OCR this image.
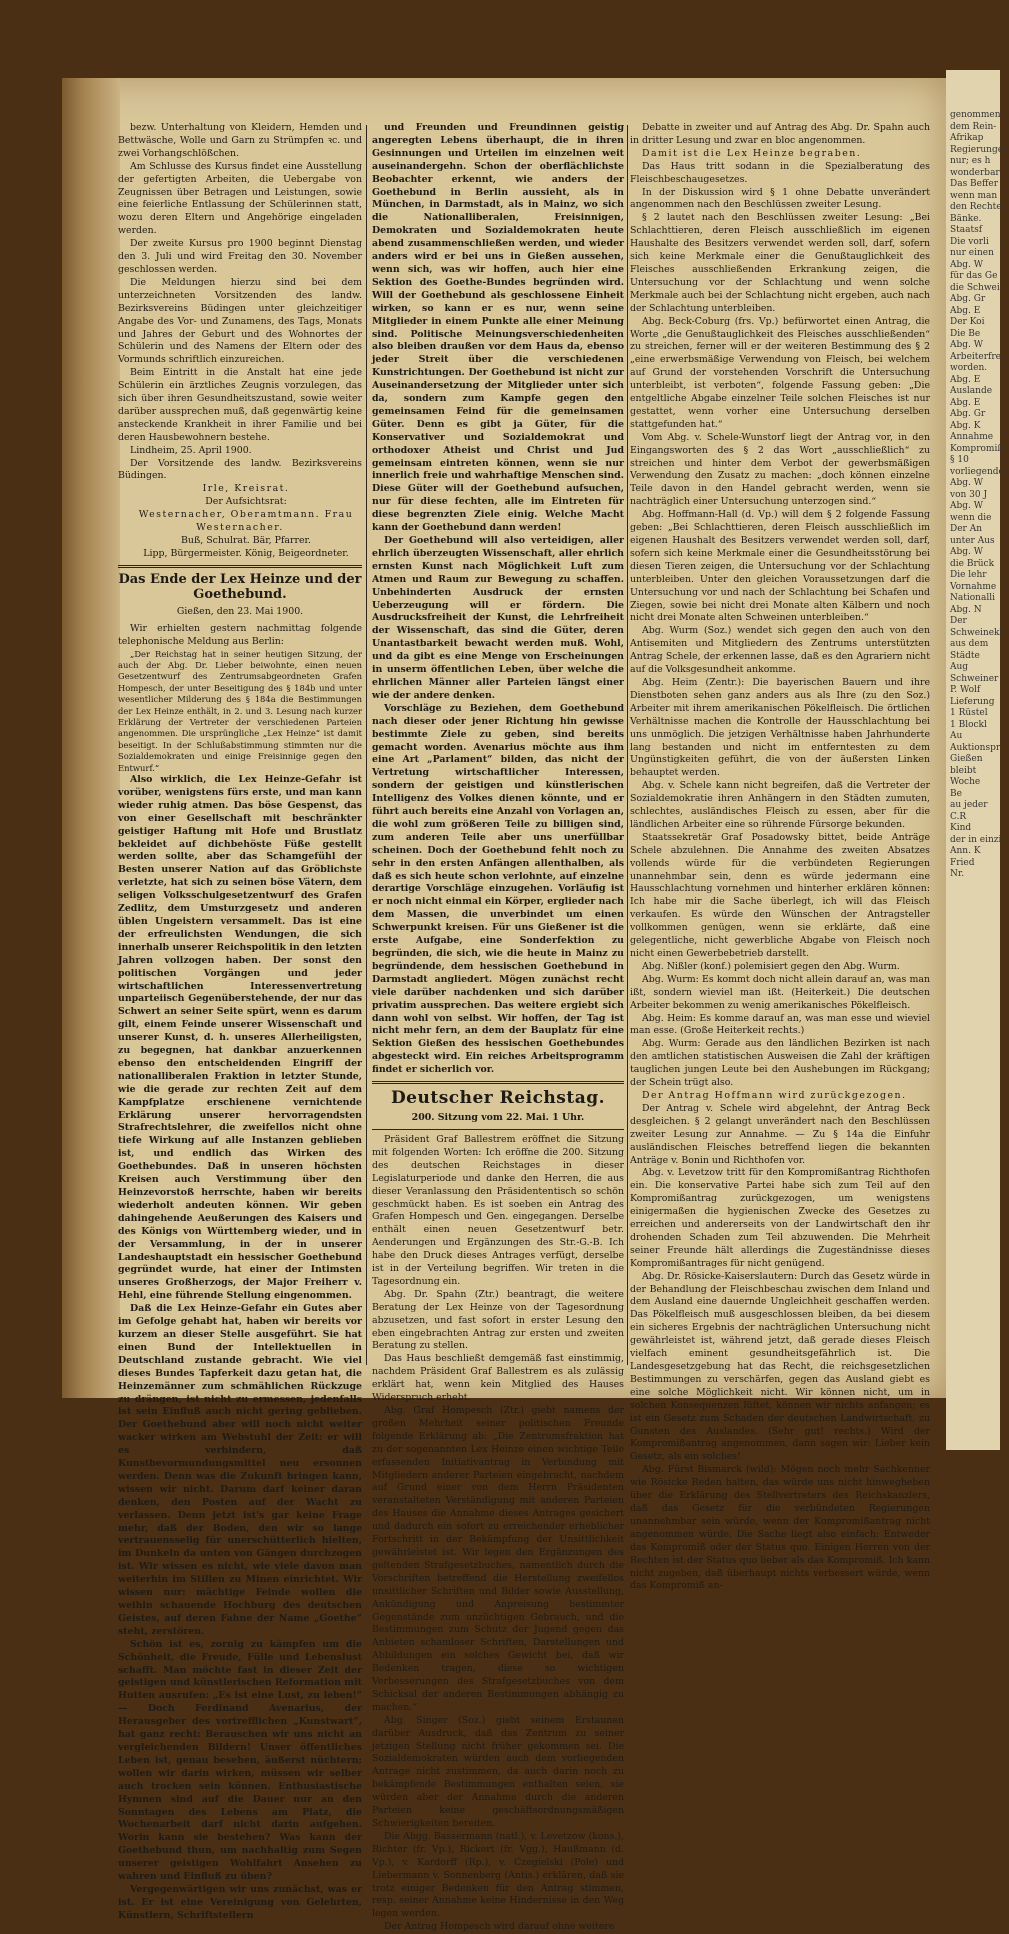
genommen
dem Rein-
Afrikap
Regierungen
nur; es h
wonderbar
Das Beffer
wenn man
den Rechte
Bänke.
Staatsf
Die vorli
nur einen
Abg. W
für das Ge
die Schwei
Abg. Gr
Abg. E
Der Koi
Die Be
Abg. W
Arbeiterfre
worden.
Abg. E
Auslande
Abg. E
Abg. Gr
Abg. K
Annahme
Kompromiß
§ 10
vorliegende
Abg. W
von 30 J
Abg. W
wenn die
Der An
unter Aus
Abg. W
die Brück
Die lehr
Vornahme
Nationalli
Abg. N
Der
Schweinekl
aus dem
Städte
Aug
Schweiner
P. Wolf
Lieferung
1 Rüstel
1 Blockl
Au
Auktionspr
Gießen
bleibt
Woche
Be
au jeder
C.R
Kind
der in einzi
Ann. K
Fried
Nr.

bezw. Unterhaltung von Kleidern, Hemden und Bettwäsche, Wolle und Garn zu Strümpfen ꝛc. und zwei Vorhangschlößchen.

Am Schlusse des Kursus findet eine Ausstellung der gefertigten Arbeiten, die Uebergabe von Zeugnissen über Betragen und Leistungen, sowie eine feierliche Entlassung der Schülerinnen statt, wozu deren Eltern und Angehörige eingeladen werden.

Der zweite Kursus pro 1900 beginnt Dienstag den 3. Juli und wird Freitag den 30. November geschlossen werden.

Die Meldungen hierzu sind bei dem unterzeichneten Vorsitzenden des landw. Bezirksvereins Büdingen unter gleichzeitiger Angabe des Vor- und Zunamens, des Tags, Monats und Jahres der Geburt und des Wohnortes der Schülerin und des Namens der Eltern oder des Vormunds schriftlich einzureichen.

Beim Eintritt in die Anstalt hat eine jede Schülerin ein ärztliches Zeugnis vorzulegen, das sich über ihren Gesundheitszustand, sowie weiter darüber aussprechen muß, daß gegenwärtig keine ansteckende Krankheit in ihrer Familie und bei deren Hausbewohnern bestehe.

Lindheim, 25. April 1900.

Der Vorsitzende des landw. Bezirksvereins Büdingen.

Irle, Kreisrat.

Der Aufsichtsrat:

Westernacher, Oberamtmann. Frau Westernacher.

Buß, Schulrat. Bär, Pfarrer.

Lipp, Bürgermeister. König, Beigeordneter.

Das Ende der Lex Heinze und der Goethebund.
Gießen, den 23. Mai 1900.

Wir erhielten gestern nachmittag folgende telephonische Meldung aus Berlin:

„Der Reichstag hat in seiner heutigen Sitzung, der auch der Abg. Dr. Lieber beiwohnte, einen neuen Gesetzentwurf des Zentrumsabgeordneten Grafen Hompesch, der unter Beseitigung des § 184b und unter wesentlicher Milderung des § 184a die Bestimmungen der Lex Heinze enthält, in 2. und 3. Lesung nach kurzer Erklärung der Vertreter der verschiedenen Parteien angenommen. Die ursprüngliche „Lex Heinze“ ist damit beseitigt. In der Schlußabstimmung stimmten nur die Sozialdemokraten und einige Freisinnige gegen den Entwurf.“

Also wirklich, die Lex Heinze-Gefahr ist vorüber, wenigstens fürs erste, und man kann wieder ruhig atmen. Das böse Gespenst, das von einer Gesellschaft mit beschränkter geistiger Haftung mit Hofe und Brustlatz bekleidet auf dichbehöste Füße gestellt werden sollte, aber das Schamgefühl der Besten unserer Nation auf das Gröblichste verletzte, hat sich zu seinen böse Vätern, dem seligen Volksschulgesetzentwurf des Grafen Zedlitz, dem Umsturzgesetz und anderen üblen Ungeistern versammelt. Das ist eine der erfreulichsten Wendungen, die sich innerhalb unserer Reichspolitik in den letzten Jahren vollzogen haben. Der sonst den politischen Vorgängen und jeder wirtschaftlichen Interessenvertretung unparteiisch Gegenüberstehende, der nur das Schwert an seiner Seite spürt, wenn es darum gilt, einem Feinde unserer Wissenschaft und unserer Kunst, d. h. unseres Allerheiligsten, zu begegnen, hat dankbar anzuerkennen ebenso den entscheidenden Eingriff der nationalliberalen Fraktion in letzter Stunde, wie die gerade zur rechten Zeit auf dem Kampfplatze erschienene vernichtende Erklärung unserer hervorragendsten Strafrechtslehrer, die zweifellos nicht ohne tiefe Wirkung auf alle Instanzen geblieben ist, und endlich das Wirken des Goethebundes. Daß in unseren höchsten Kreisen auch Verstimmung über den Heinzevorstoß herrschte, haben wir bereits wiederholt andeuten können. Wir geben dahingehende Aeußerungen des Kaisers und des Königs von Württemberg wieder, und in der Versammlung, in der in unserer Landeshauptstadt ein hessischer Goethebund gegründet wurde, hat einer der Intimsten unseres Großherzogs, der Major Freiherr v. Hehl, eine führende Stellung eingenommen.

Daß die Lex Heinze-Gefahr ein Gutes aber im Gefolge gehabt hat, haben wir bereits vor kurzem an dieser Stelle ausgeführt. Sie hat einen Bund der Intellektuellen in Deutschland zustande gebracht. Wie viel dieses Bundes Tapferkeit dazu getan hat, die Heinzemänner zum schmählichen Rückzuge zu drängen, ist nicht zu ermessen, jedenfalls ist sein Einfluß auch nicht gering geblieben. Der Goethebund aber will noch nicht weiter wacker wirken am Webstuhl der Zeit: er will es verhindern, daß Kunstbevormundungsmittel neu ersonnen werden. Denn was die Zukunft bringen kann, wissen wir nicht. Darum darf keiner daran denken, den Posten auf der Wacht zu verlassen. Denn jetzt ist's gar keine Frage mehr, daß der Boden, den wir so lange vertrauensselig für unerschütterlich hielten, im Dunkeln da unten von Gängen durchzogen ist. Wir wissen es nicht, wie viele davon man weiterhin im Stillen zu Minen einrichtet. Wir wissen nur: mächtige Feinde wollen die weihin schauende Hochburg des deutschen Geistes, auf deren Fahne der Name „Goethe“ steht, zerstören.

Schön ist es, zornig zu kämpfen um die Schönheit, die Freude, Fülle und Lebenslust schafft. Man möchte fast in dieser Zeit der geistigen und künstlerischen Reformation mit Hutten ausrufen: „Es ist eine Lust, zu leben!“ — Doch Ferdinand Avenarius, der Herausgeber des vortrefflichen „Kunstwart“, hat ganz recht: Berauschen wir uns nicht an vergleichenden Bildern! Unser öffentliches Leben ist, genau besehen, äußerst nüchtern; wollen wir darin wirken, müssen wir selber auch trocken sein können. Enthusiastische Hymnen sind auf die Dauer nur an den Sonntagen des Lebens am Platz, die Wochenarbeit darf nicht darin aufgehen. Worin kann sie bestehen? Was kann der Goethebund thun, um nachhaltig zum Segen unserer geistigen Wohlfahrt Ansehen zu wahren und Einfluß zu üben?

Vergegenwärtigen wir uns zunächst, was er ist. Er ist eine Vereinigung von Gelehrten, Künstlern, Schriftstellern

und Freunden und Freundinnen geistig angeregten Lebens überhaupt, die in ihren Gesinnungen und Urteilen im einzelnen weit auseinandergehn. Schon der oberflächlichste Beobachter erkennt, wie anders der Goethebund in Berlin aussieht, als in München, in Darmstadt, als in Mainz, wo sich die Nationalliberalen, Freisinnigen, Demokraten und Sozialdemokraten heute abend zusammenschließen werden, und wieder anders wird er bei uns in Gießen aussehen, wenn sich, was wir hoffen, auch hier eine Sektion des Goethe-Bundes begründen wird. Will der Goethebund als geschlossene Einheit wirken, so kann er es nur, wenn seine Mitglieder in einem Punkte alle einer Meinung sind. Politische Meinungsverschiedenheiten also bleiben draußen vor dem Haus da, ebenso jeder Streit über die verschiedenen Kunstrichtungen. Der Goethebund ist nicht zur Auseinandersetzung der Mitglieder unter sich da, sondern zum Kampfe gegen den gemeinsamen Feind für die gemeinsamen Güter. Denn es gibt ja Güter, für die Konservativer und Sozialdemokrat und orthodoxer Atheist und Christ und Jud gemeinsam eintreten können, wenn sie nur innerlich freie und wahrhaftige Menschen sind. Diese Güter will der Goethebund aufsuchen, nur für diese fechten, alle im Eintreten für diese begrenzten Ziele einig. Welche Macht kann der Goethebund dann werden!

Der Goethebund will also verteidigen, aller ehrlich überzeugten Wissenschaft, aller ehrlich ernsten Kunst nach Möglichkeit Luft zum Atmen und Raum zur Bewegung zu schaffen. Unbehinderten Ausdruck der ernsten Ueberzeugung will er fördern. Die Ausdrucksfreiheit der Kunst, die Lehrfreiheit der Wissenschaft, das sind die Güter, deren Unantastbarkeit bewacht werden muß. Wohl, und da gibt es eine Menge von Erscheinungen in unserm öffentlichen Leben, über welche die ehrlichen Männer aller Parteien längst einer wie der andere denken.

Vorschläge zu Beziehen, dem Goethebund nach dieser oder jener Richtung hin gewisse bestimmte Ziele zu geben, sind bereits gemacht worden. Avenarius möchte aus ihm eine Art „Parlament“ bilden, das nicht der Vertretung wirtschaftlicher Interessen, sondern der geistigen und künstlerischen Intelligenz des Volkes dienen könnte, und er führt auch bereits eine Anzahl von Vorlagen an, die wohl zum größeren Teile zu billigen sind, zum anderen Teile aber uns unerfüllbar scheinen. Doch der Goethebund fehlt noch zu sehr in den ersten Anfängen allenthalben, als daß es sich heute schon verlohnte, auf einzelne derartige Vorschläge einzugehen. Vorläufig ist er noch nicht einmal ein Körper, erglieder nach dem Massen, die unverbindet um einen Schwerpunkt kreisen. Für uns Gießener ist die erste Aufgabe, eine Sonderfektion zu begründen, die sich, wie die heute in Mainz zu begründende, dem hessischen Goethebund in Darmstadt angliedert. Mögen zunächst recht viele darüber nachdenken und sich darüber privatim aussprechen. Das weitere ergiebt sich dann wohl von selbst. Wir hoffen, der Tag ist nicht mehr fern, an dem der Bauplatz für eine Sektion Gießen des hessischen Goethebundes abgesteckt wird. Ein reiches Arbeitsprogramm findet er sicherlich vor.

Deutscher Reichstag.
200. Sitzung vom 22. Mai. 1 Uhr.

Präsident Graf Ballestrem eröffnet die Sitzung mit folgenden Worten: Ich eröffne die 200. Sitzung des deutschen Reichstages in dieser Legislaturperiode und danke den Herren, die aus dieser Veranlassung den Präsidententisch so schön geschmückt haben. Es ist soeben ein Antrag des Grafen Hompesch und Gen. eingegangen. Derselbe enthält einen neuen Gesetzentwurf betr. Aenderungen und Ergänzungen des Str.-G.-B. Ich habe den Druck dieses Antrages verfügt, derselbe ist in der Verteilung begriffen. Wir treten in die Tagesordnung ein.

Abg. Dr. Spahn (Ztr.) beantragt, die weitere Beratung der Lex Heinze von der Tagesordnung abzusetzen, und fast sofort in erster Lesung den eben eingebrachten Antrag zur ersten und zweiten Beratung zu stellen.

Das Haus beschließt demgemäß fast einstimmig, nachdem Präsident Graf Ballestrem es als zulässig erklärt hat, wenn kein Mitglied des Hauses Widerspruch erhebt.

Abg. Graf Hompesch (Ztr.) giebt namens der großen Mehrheit seiner politischen Freunde folgende Erklärung ab: „Die Zentrumsfraktion hat zu der sogenannten Lex Heinze einen wichtige Teile erfassenden Initiativantrag in Verbindung mit Mitgliedern anderer Parteien eingebracht, nachdem auf Grund einer von dem Herrn Präsidenten veranstalteten Verständigung mit anderen Parteien des Hauses die Annahme dieses Antrages gesichert und dadurch ein sofort zu erreichender erheblicher Fortschritt in der Bekämpfung der Unsittlichkeit gewährleistet ist. Wir legen den Ergänzungen des geltenden Strafgesetzbuches, namentlich durch die Vorschriften betreffend die Herstellung zweifellos unsittlicher Schriften und Bilder sowie Ausstellung, Ankündigung und Anpreisung bestimmter Gegenstände zum unzüchtigen Gebrauch, und die Bestimmungen zum Schutz der Jugend gegen das Anbieten schamloser Schriften, Darstellungen und Abbildungen ein solches Gewicht bei, daß wir Bedenken tragen, diese so wichtigen Verbesserungen des Strafgesetzbuches von dem Schicksal der anderen Bestimmungen abhängig zu machen.“

Abg. Singer (Soz.) giebt seinem Erstaunen darüber Ausdruck, daß das Zentrum zu seiner jetzigen Stellung nicht früher gekommen sei. Die Sozialdemokraten würden auch dem vorliegenden Antrage nicht zustimmen, da auch darin noch zu bekämpfende Bestimmungen enthalten seien, sie würden aber der Annahme durch die anderen Parteien keine geschäftsordnungsmäßigen Schwierigkeiten bereiten.

Die Abgg. Bassermann (natl.), v. Levetzow (kons.), Richter (fr. Vp.), Rickert (fr. Vgg.), Haußmann (d. Vp.), v. Kardorff (Rp.), v. Czegielski (Pole) und Liebermann v. Sonnenberg (Antis.) erklären, daß sie trotz einiger Bedenken für den Antrag stimmen, resp. seiner Annahme keine Hindernisse in den Weg legen werden.

Der Antrag Hompesch wird darauf ohne weitere

Debatte in zweiter und auf Antrag des Abg. Dr. Spahn auch in dritter Lesung und zwar en bloc angenommen.

Damit ist die Lex Heinze begraben.

Das Haus tritt sodann in die Spezialberatung des Fleischbeschaugesetzes.

In der Diskussion wird § 1 ohne Debatte unverändert angenommen nach den Beschlüssen zweiter Lesung.

§ 2 lautet nach den Beschlüssen zweiter Lesung: „Bei Schlachttieren, deren Fleisch ausschließlich im eigenen Haushalte des Besitzers verwendet werden soll, darf, sofern sich keine Merkmale einer die Genußtauglichkeit des Fleisches ausschließenden Erkrankung zeigen, die Untersuchung vor der Schlachtung und wenn solche Merkmale auch bei der Schlachtung nicht ergeben, auch nach der Schlachtung unterbleiben.

Abg. Beck-Coburg (frs. Vp.) befürwortet einen Antrag, die Worte „die Genußtauglichkeit des Fleisches ausschließenden“ zu streichen, ferner will er der weiteren Bestimmung des § 2 „eine erwerbsmäßige Verwendung von Fleisch, bei welchem auf Grund der vorstehenden Vorschrift die Untersuchung unterbleibt, ist verboten“, folgende Fassung geben: „Die entgeltliche Abgabe einzelner Teile solchen Fleisches ist nur gestattet, wenn vorher eine Untersuchung derselben stattgefunden hat.“

Vom Abg. v. Schele-Wunstorf liegt der Antrag vor, in den Eingangsworten des § 2 das Wort „ausschließlich“ zu streichen und hinter dem Verbot der gewerbsmäßigen Verwendung den Zusatz zu machen: „doch können einzelne Teile davon in den Handel gebracht werden, wenn sie nachträglich einer Untersuchung unterzogen sind.“

Abg. Hoffmann-Hall (d. Vp.) will dem § 2 folgende Fassung geben: „Bei Schlachttieren, deren Fleisch ausschließlich im eigenen Haushalt des Besitzers verwendet werden soll, darf, sofern sich keine Merkmale einer die Gesundheitsstörung bei diesen Tieren zeigen, die Untersuchung vor der Schlachtung unterbleiben. Unter den gleichen Voraussetzungen darf die Untersuchung vor und nach der Schlachtung bei Schafen und Ziegen, sowie bei nicht drei Monate alten Kälbern und noch nicht drei Monate alten Schweinen unterbleiben.“

Abg. Wurm (Soz.) wendet sich gegen den auch von den Antisemiten und Mitgliedern des Zentrums unterstützten Antrag Schele, der erkennen lasse, daß es den Agrariern nicht auf die Volksgesundheit ankomme.

Abg. Heim (Zentr.): Die bayerischen Bauern und ihre Dienstboten sehen ganz anders aus als Ihre (zu den Soz.) Arbeiter mit ihrem amerikanischen Pökelfleisch. Die örtlichen Verhältnisse machen die Kontrolle der Hausschlachtung bei uns unmöglich. Die jetzigen Verhältnisse haben Jahrhunderte lang bestanden und nicht im entferntesten zu dem Ungünstigkeiten geführt, die von der äußersten Linken behauptet werden.

Abg. v. Schele kann nicht begreifen, daß die Vertreter der Sozialdemokratie ihren Anhängern in den Städten zumuten, schlechtes, ausländisches Fleisch zu essen, aber für die ländlichen Arbeiter eine so rührende Fürsorge bekunden.

Staatssekretär Graf Posadowsky bittet, beide Anträge Schele abzulehnen. Die Annahme des zweiten Absatzes vollends würde für die verbündeten Regierungen unannehmbar sein, denn es würde jedermann eine Hausschlachtung vornehmen und hinterher erklären können: Ich habe mir die Sache überlegt, ich will das Fleisch verkaufen. Es würde den Wünschen der Antragsteller vollkommen genügen, wenn sie erklärte, daß eine gelegentliche, nicht gewerbliche Abgabe von Fleisch noch nicht einen Gewerbebetrieb darstellt.

Abg. Nißler (konf.) polemisiert gegen den Abg. Wurm.

Abg. Wurm: Es kommt doch nicht allein darauf an, was man ißt, sondern wieviel man ißt. (Heiterkeit.) Die deutschen Arbeiter bekommen zu wenig amerikanisches Pökelfleisch.

Abg. Heim: Es komme darauf an, was man esse und wieviel man esse. (Große Heiterkeit rechts.)

Abg. Wurm: Gerade aus den ländlichen Bezirken ist nach den amtlichen statistischen Ausweisen die Zahl der kräftigen tauglichen jungen Leute bei den Aushebungen im Rückgang; der Schein trügt also.

Der Antrag Hoffmann wird zurückgezogen.

Der Antrag v. Schele wird abgelehnt, der Antrag Beck desgleichen. § 2 gelangt unverändert nach den Beschlüssen zweiter Lesung zur Annahme. — Zu § 14a die Einfuhr ausländischen Fleisches betreffend liegen die bekannten Anträge v. Bonin und Richthofen vor.

Abg. v. Levetzow tritt für den Kompromißantrag Richthofen ein. Die konservative Partei habe sich zum Teil auf den Kompromißantrag zurückgezogen, um wenigstens einigermaßen die hygienischen Zwecke des Gesetzes zu erreichen und andererseits von der Landwirtschaft den ihr drohenden Schaden zum Teil abzuwenden. Die Mehrheit seiner Freunde hält allerdings die Zugeständnisse dieses Kompromißantrages für nicht genügend.

Abg. Dr. Rösicke-Kaiserslautern: Durch das Gesetz würde in der Behandlung der Fleischbeschau zwischen dem Inland und dem Ausland eine dauernde Ungleichheit geschaffen werden. Das Pökelfleisch muß ausgeschlossen bleiben, da bei diesem ein sicheres Ergebnis der nachträglichen Untersuchung nicht gewährleistet ist, während jetzt, daß gerade dieses Fleisch vielfach eminent gesundheitsgefährlich ist. Die Landesgesetzgebung hat das Recht, die reichsgesetzlichen Bestimmungen zu verschärfen, gegen das Ausland giebt es eine solche Möglichkeit nicht. Wir können nicht, um in solchen Konsequenzen lüftet, können wir nichts anfangen; es ist ein Gesetz zum Schaden der deutschen Landwirtschaft, zu Gunsten des Auslandes. (Sehr gut! rechts.) Wird der Kompromißantrag angenommen, dann sagen wir: Lieber kein Gesetz, als ein solches!

Abg. Fürst Bismarck (wild): Mögen noch mehr Sachkenner wie Rösicke Reden halten, das würde uns nicht hinwegheben über die Erklärung des Stellvertreters des Reichskanzlers, daß das Gesetz für die verbündeten Regierungen unannehmbar sein würde, wenn der Kompromißantrag nicht angenommen würde. Die Sache liegt also einfach: Entweder das Kompromiß oder der Status quo. Einigen Herren von der Rechten ist der Status quo lieber als das Kompromiß. Ich kann nicht zugeben, daß überhaupt nichts verbessert würde, wenn das Kompromiß an-
